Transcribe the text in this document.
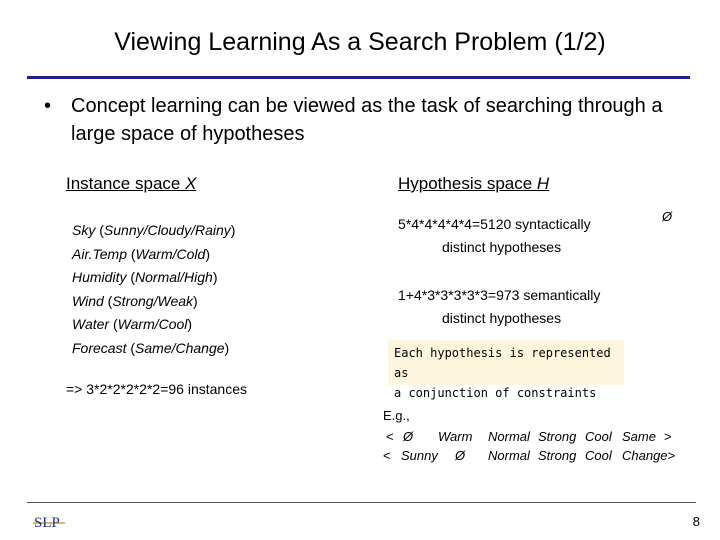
Viewing Learning As a Search Problem (1/2)
• Concept learning can be viewed as the task of searching through a large space of hypotheses
Instance space X	Hypothesis space H
Sky (Sunny/Cloudy/Rainy)
Air.Temp (Warm/Cold)
Humidity (Normal/High)
Wind (Strong/Weak)
Water (Warm/Cool)
Forecast (Same/Change)
=> 3*2*2*2*2*2=96 instances
5*4*4*4*4*4=5120 syntactically
distinct hypotheses
Ø
1+4*3*3*3*3*3=973 semantically
distinct hypotheses
Each hypothesis is represented as
a conjunction of constraints
E.g.,
< Ø Warm Normal Strong Cool Same >
< Sunny Ø Normal Strong Cool Change>
SLP	8
